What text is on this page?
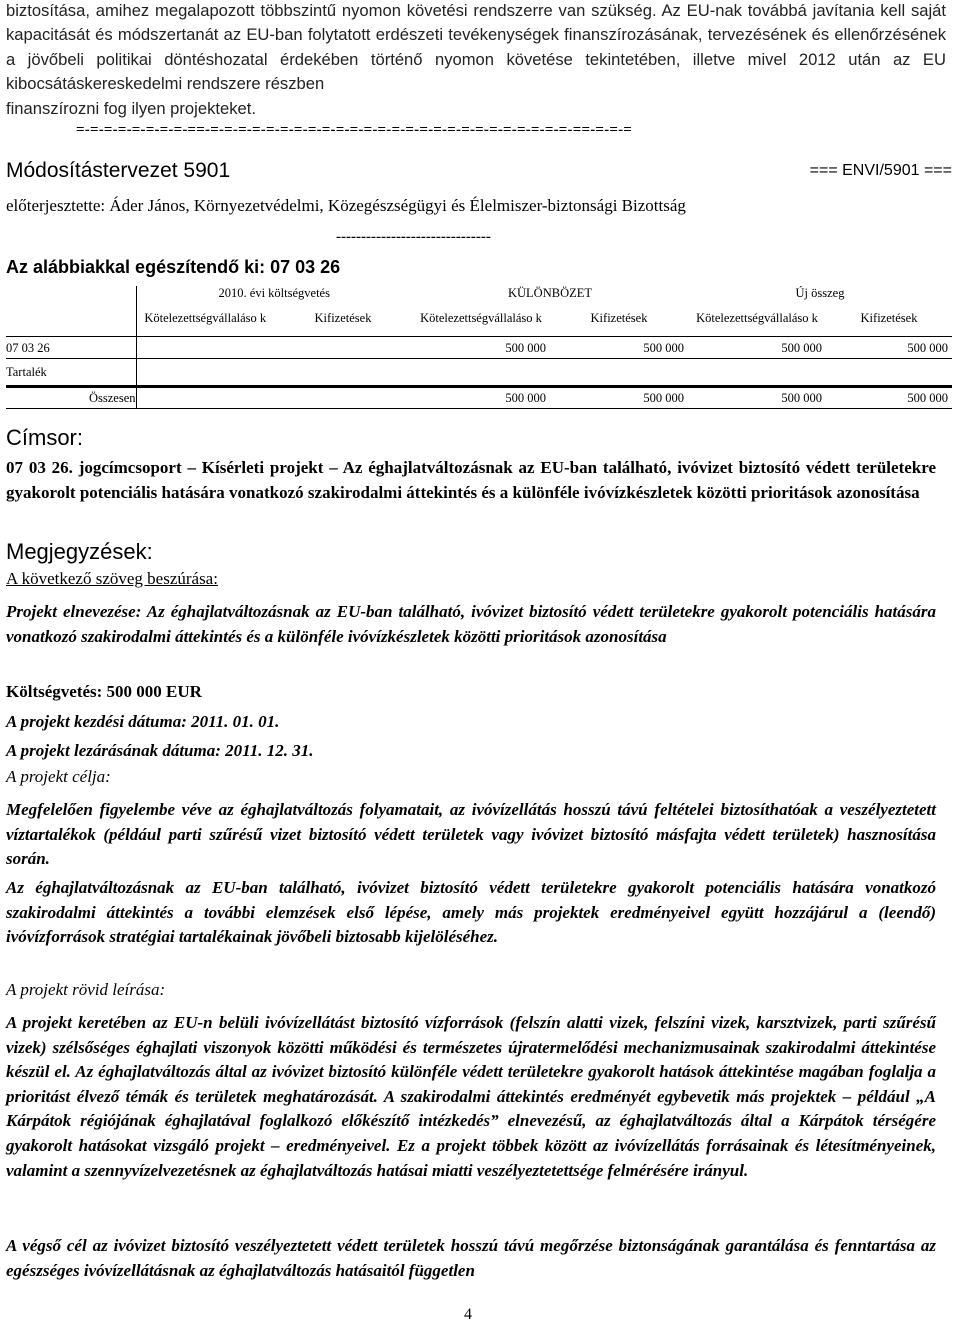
biztosítása, amihez megalapozott többszintű nyomon követési rendszerre van szükség. Az EU-nak továbbá javítania kell saját kapacitását és módszertanát az EU-ban folytatott erdészeti tevékenységek finanszírozásának, tervezésének és ellenőrzésének a jövőbeli politikai döntéshozatal érdekében történő nyomon követése tekintetében, illetve mivel 2012 után az EU kibocsátáskereskedelmi rendszere részben
finanszírozni fog ilyen projekteket.
=-=-=-=-=-=-=-=-==-=-=-=-=-=-=-=-=-=-=-=-=-=-=-=-=-=-=-=-=-=-=-=-=-=-=-==-=-=-=
Módosítástervezet 5901	=== ENVI/5901 ===
előterjesztette: Áder János, Környezetvédelmi, Közegészségügyi és Élelmiszer-biztonsági Bizottság
-------------------------------
Az alábbiakkal egészítendő ki: 07 03 26
	2010. évi költségvetés		KÜLÖNBÖZET		Új összeg	
	Kötelezettségvállaláso k	Kifizetések	Kötelezettségvállaláso k	Kifizetések	Kötelezettségvállaláso k	Kifizetések
07 03 26			500 000	500 000	500 000	500 000
Tartalék						
Összesen			500 000	500 000	500 000	500 000
Címsor:
07 03 26. jogcímcsoport – Kísérleti projekt – Az éghajlatváltozásnak az EU-ban található, ivóvizet biztosító védett területekre gyakorolt potenciális hatására vonatkozó szakirodalmi áttekintés és a különféle ivóvízkészletek közötti prioritások azonosítása
Megjegyzések:
A következő szöveg beszúrása:
Projekt elnevezése: Az éghajlatváltozásnak az EU-ban található, ivóvizet biztosító védett területekre gyakorolt potenciális hatására vonatkozó szakirodalmi áttekintés és a különféle ivóvízkészletek közötti prioritások azonosítása
Költségvetés: 500 000 EUR
A projekt kezdési dátuma: 2011. 01. 01.
A projekt lezárásának dátuma: 2011. 12. 31.
A projekt célja:
Megfelelően figyelembe véve az éghajlatváltozás folyamatait, az ivóvízellátás hosszú távú feltételei biztosíthatóak a veszélyeztetett víztartalékok (például parti szűrésű vizet biztosító védett területek vagy ivóvizet biztosító másfajta védett területek) hasznosítása során.
Az éghajlatváltozásnak az EU-ban található, ivóvizet biztosító védett területekre gyakorolt potenciális hatására vonatkozó szakirodalmi áttekintés a további elemzések első lépése, amely más projektek eredményeivel együtt hozzájárul a (leendő) ivóvízforrások stratégiai tartalékainak jövőbeli biztosabb kijelöléséhez.
A projekt rövid leírása:
A projekt keretében az EU-n belüli ivóvízellátást biztosító vízforrások (felszín alatti vizek, felszíni vizek, karsztvizek, parti szűrésű vizek) szélsőséges éghajlati viszonyok közötti működési és természetes újratermelődési mechanizmusainak szakirodalmi áttekintése készül el. Az éghajlatváltozás által az ivóvizet biztosító különféle védett területekre gyakorolt hatások áttekintése magában foglalja a prioritást élvező témák és területek meghatározását. A szakirodalmi áttekintés eredményét egybevetik más projektek – például „A Kárpátok régiójának éghajlatával foglalkozó előkészítő intézkedés” elnevezésű, az éghajlatváltozás által a Kárpátok térségére gyakorolt hatásokat vizsgáló projekt – eredményeivel. Ez a projekt többek között az ivóvízellátás forrásainak és létesítményeinek, valamint a szennyvízelvezetésnek az éghajlatváltozás hatásai miatti veszélyeztetettsége felmérésére irányul.
A végső cél az ivóvizet biztosító veszélyeztetett védett területek hosszú távú megőrzése biztonságának garantálása és fenntartása az egészséges ivóvízellátásnak az éghajlatváltozás hatásaitól független
4
